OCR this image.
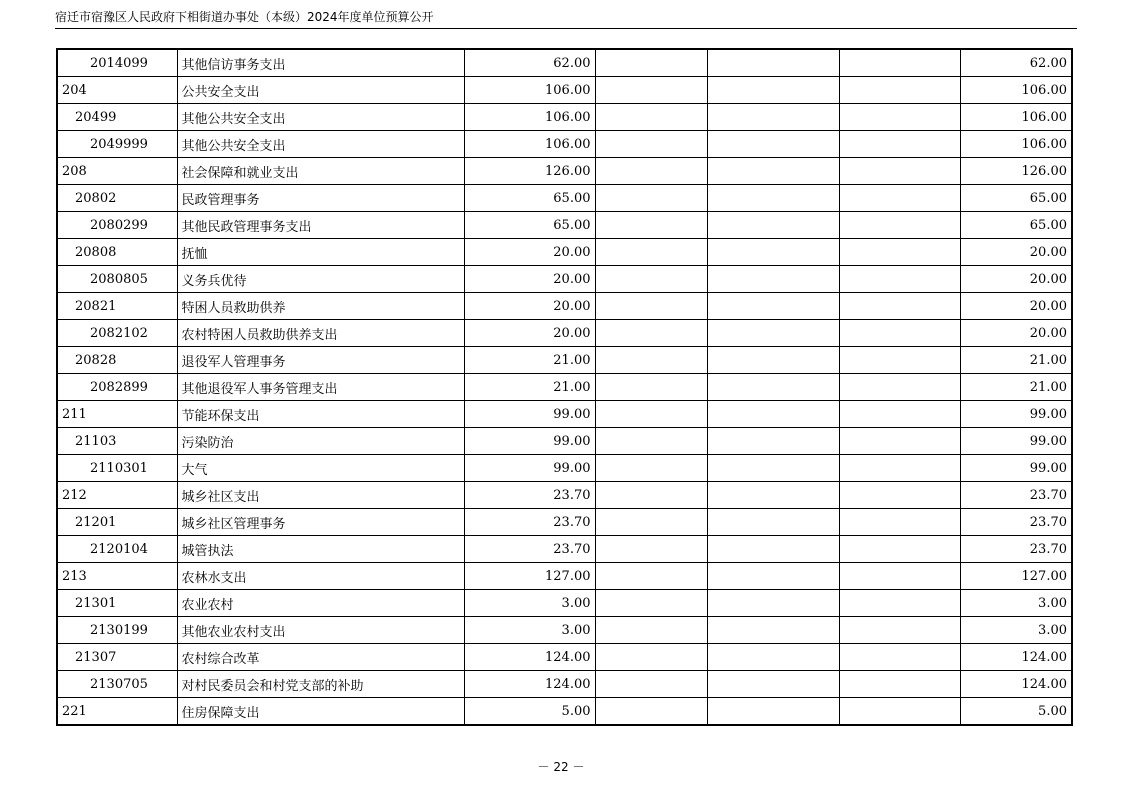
宿迁市宿豫区人民政府下相街道办事处（本级）2024年度单位预算公开
2014099	其他信访事务支出	62.00				62.00
204	公共安全支出	106.00				106.00
20499	其他公共安全支出	106.00				106.00
2049999	其他公共安全支出	106.00				106.00
208	社会保障和就业支出	126.00				126.00
20802	民政管理事务	65.00				65.00
2080299	其他民政管理事务支出	65.00				65.00
20808	抚恤	20.00				20.00
2080805	义务兵优待	20.00				20.00
20821	特困人员救助供养	20.00				20.00
2082102	农村特困人员救助供养支出	20.00				20.00
20828	退役军人管理事务	21.00				21.00
2082899	其他退役军人事务管理支出	21.00				21.00
211	节能环保支出	99.00				99.00
21103	污染防治	99.00				99.00
2110301	大气	99.00				99.00
212	城乡社区支出	23.70				23.70
21201	城乡社区管理事务	23.70				23.70
2120104	城管执法	23.70				23.70
213	农林水支出	127.00				127.00
21301	农业农村	3.00				3.00
2130199	其他农业农村支出	3.00				3.00
21307	农村综合改革	124.00				124.00
2130705	对村民委员会和村党支部的补助	124.00				124.00
221	住房保障支出	5.00				5.00
－ 22 －
